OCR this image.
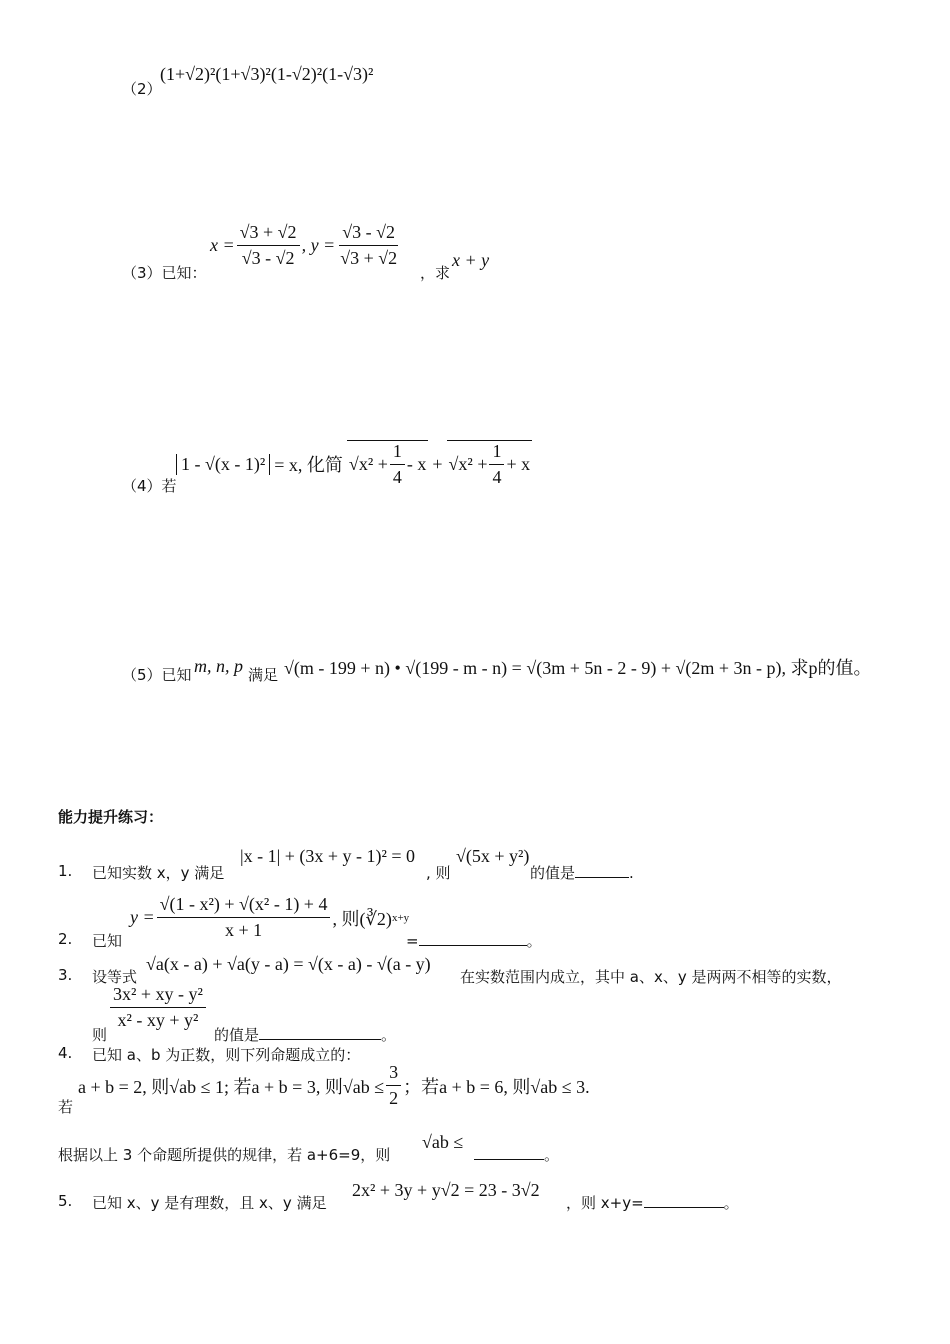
（2）
(1+√2)²(1+√3)²(1-√2)²(1-√3)²
（3）已知：
$x = \frac{√3 + √2}{√3 - √2}$ , $y = \frac{√3 - √2}{√3 + √2}$
，求
x + y
（4）若
1 - √(x - 1)² = x, 化简 √ $x^2 + \frac{1}{4} - x$ + √ $x^2 + \frac{1}{4} + x$
（5）已知 m, n, p 满足 √(m - 199 + n) • √(199 - m - n) = √(3m + 5n - 2 - 9) + √(2m + 3n - p), 求p的值。
能力提升练习：
1. 已知实数 x，y 满足
|x - 1| + (3x + y - 1)² = 0
, 则
√(5x + y²)
的值是	.
2. 已知
$y = \frac{\text{√(1 - x²) + √(x² - 1) + 4}}{x + 1}$ , 则(∛2) x+y
=	。
3. 设等式
√a(x - a) + √a(y - a) = √(x - a) - √(a - y)
在实数范围内成立，其中 a、x、y 是两两不相等的实数，
则
$\frac{\text{3x² + xy - y²}}{\text{x² - xy + y²}}$
的值是	。
4. 已知 a、b 为正数，则下列命题成立的：
若
a + b = 2, 则√ab ≤ 1; 若a + b = 3, 则$√ab \le \frac{3}{2}$ ；若a + b = 6, 则√ab ≤ 3.
根据以上 3 个命题所提供的规律，若 a+6=9，则
√ab ≤
。
5. 已知 x、y 是有理数，且 x、y 满足
2x² + 3y + y√2 = 23 - 3√2
，则 x+y=	。
